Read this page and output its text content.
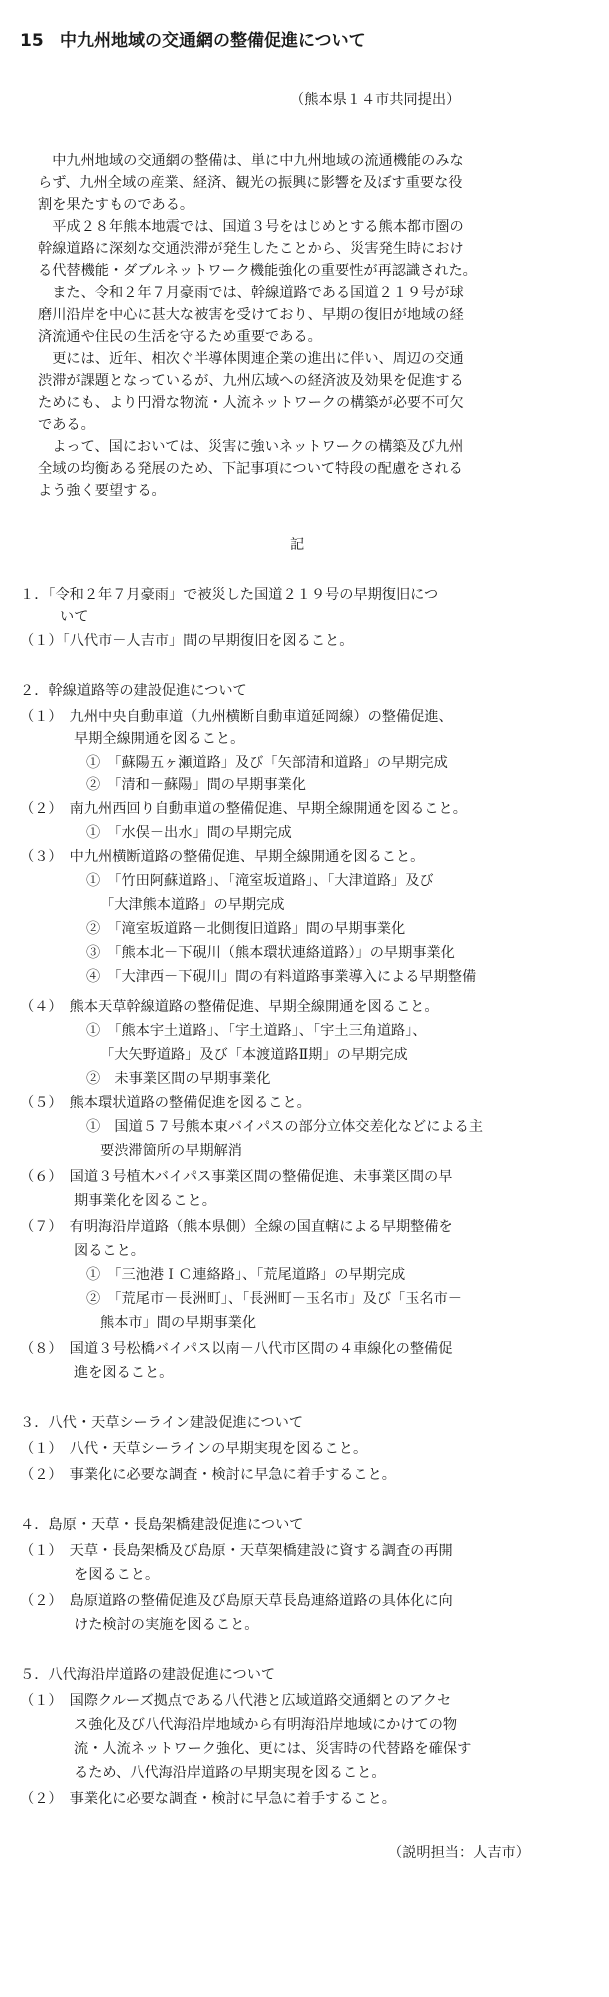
15 中九州地域の交通網の整備促進について
（熊本県１４市共同提出）
　中九州地域の交通網の整備は、単に中九州地域の流通機能のみな
らず、九州全域の産業、経済、観光の振興に影響を及ぼす重要な役
割を果たすものである。
　平成２８年熊本地震では、国道３号をはじめとする熊本都市圏の
幹線道路に深刻な交通渋滞が発生したことから、災害発生時におけ
る代替機能・ダブルネットワーク機能強化の重要性が再認識された。
　また、令和２年７月豪雨では、幹線道路である国道２１９号が球
磨川沿岸を中心に甚大な被害を受けており、早期の復旧が地域の経
済流通や住民の生活を守るため重要である。
　更には、近年、相次ぐ半導体関連企業の進出に伴い、周辺の交通
渋滞が課題となっているが、九州広域への経済波及効果を促進する
ためにも、より円滑な物流・人流ネットワークの構築が必要不可欠
である。
　よって、国においては、災害に強いネットワークの構築及び九州
全域の均衡ある発展のため、下記事項について特段の配慮をされる
よう強く要望する。
記
１．「令和２年７月豪雨」で被災した国道２１９号の早期復旧につ
いて
（１）「八代市－人吉市」間の早期復旧を図ること。
２．幹線道路等の建設促進について
（１）　九州中央自動車道（九州横断自動車道延岡線）の整備促進、
早期全線開通を図ること。
①　「蘇陽五ヶ瀬道路」及び「矢部清和道路」の早期完成
②　「清和－蘇陽」間の早期事業化
（２）　南九州西回り自動車道の整備促進、早期全線開通を図ること。
①　「水俣－出水」間の早期完成
（３）　中九州横断道路の整備促進、早期全線開通を図ること。
①　「竹田阿蘇道路」、「滝室坂道路」、「大津道路」及び
「大津熊本道路」の早期完成
②　「滝室坂道路－北側復旧道路」間の早期事業化
③　「熊本北－下硯川（熊本環状連絡道路）」の早期事業化
④　「大津西－下硯川」間の有料道路事業導入による早期整備
（４）　熊本天草幹線道路の整備促進、早期全線開通を図ること。
①　「熊本宇土道路」、「宇土道路」、「宇土三角道路」、
「大矢野道路」及び「本渡道路Ⅱ期」の早期完成
②　未事業区間の早期事業化
（５）　熊本環状道路の整備促進を図ること。
①　国道５７号熊本東バイパスの部分立体交差化などによる主
要渋滞箇所の早期解消
（６）　国道３号植木バイパス事業区間の整備促進、未事業区間の早
期事業化を図ること。
（７）　有明海沿岸道路（熊本県側）全線の国直轄による早期整備を
図ること。
①　「三池港ＩＣ連絡路」、「荒尾道路」の早期完成
②　「荒尾市－長洲町」、「長洲町－玉名市」及び「玉名市－
熊本市」間の早期事業化
（８）　国道３号松橋バイパス以南－八代市区間の４車線化の整備促
進を図ること。
３．八代・天草シーライン建設促進について
（１）　八代・天草シーラインの早期実現を図ること。
（２）　事業化に必要な調査・検討に早急に着手すること。
４．島原・天草・長島架橋建設促進について
（１）　天草・長島架橋及び島原・天草架橋建設に資する調査の再開
を図ること。
（２）　島原道路の整備促進及び島原天草長島連絡道路の具体化に向
けた検討の実施を図ること。
５．八代海沿岸道路の建設促進について
（１）　国際クルーズ拠点である八代港と広域道路交通網とのアクセ
ス強化及び八代海沿岸地域から有明海沿岸地域にかけての物
流・人流ネットワーク強化、更には、災害時の代替路を確保す
るため、八代海沿岸道路の早期実現を図ること。
（２）　事業化に必要な調査・検討に早急に着手すること。
（説明担当：人吉市）
